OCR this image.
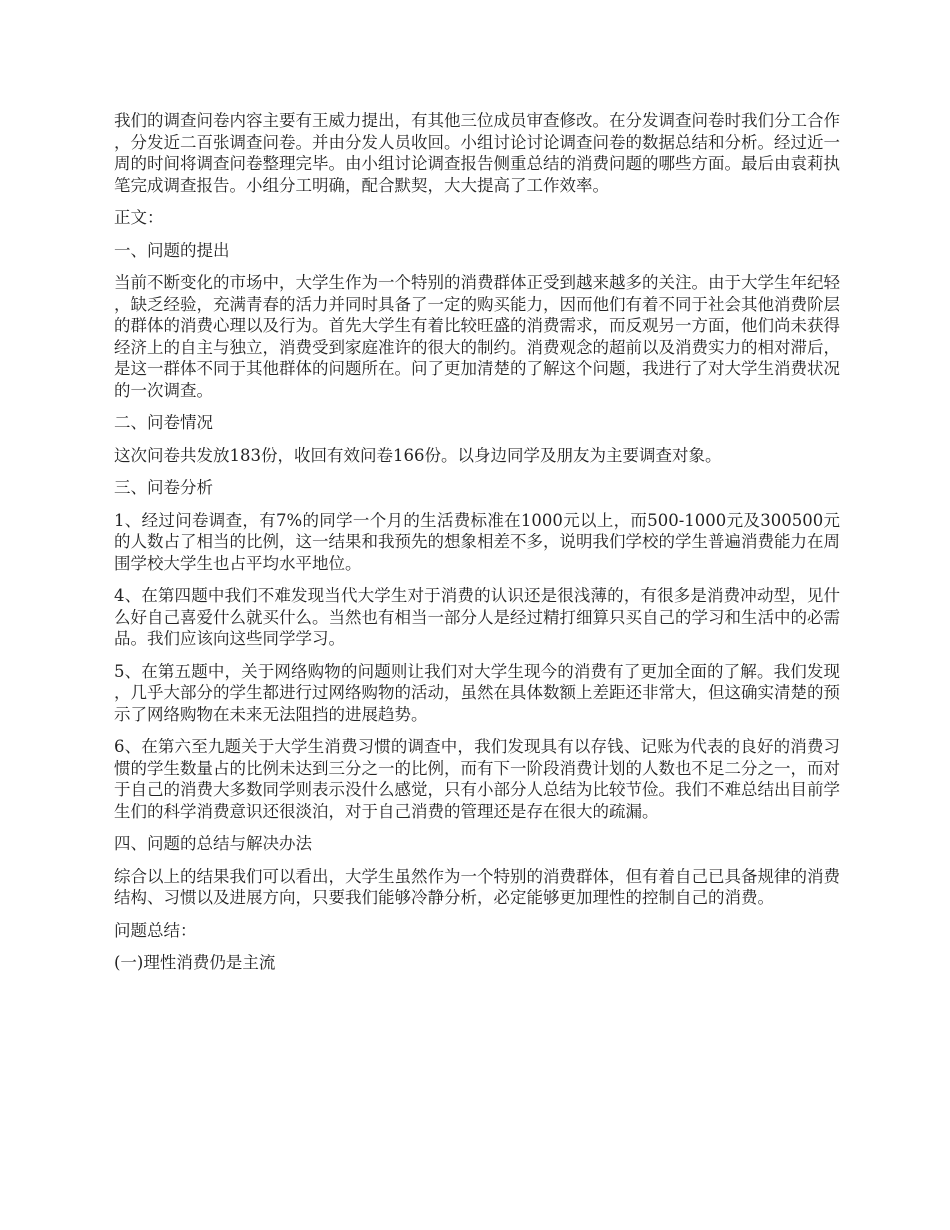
我们的调查问卷内容主要有王威力提出，有其他三位成员审查修改。在分发调查问卷时我们分工合作，分发近二百张调查问卷。并由分发人员收回。小组讨论讨论调查问卷的数据总结和分析。经过近一周的时间将调查问卷整理完毕。由小组讨论调查报告侧重总结的消费问题的哪些方面。最后由袁莉执笔完成调查报告。小组分工明确，配合默契，大大提高了工作效率。

正文：

一、问题的提出

当前不断变化的市场中，大学生作为一个特别的消费群体正受到越来越多的关注。由于大学生年纪轻，缺乏经验，充满青春的活力并同时具备了一定的购买能力，因而他们有着不同于社会其他消费阶层的群体的消费心理以及行为。首先大学生有着比较旺盛的消费需求，而反观另一方面，他们尚未获得经济上的自主与独立，消费受到家庭准许的很大的制约。消费观念的超前以及消费实力的相对滞后，是这一群体不同于其他群体的问题所在。问了更加清楚的了解这个问题，我进行了对大学生消费状况的一次调查。

二、问卷情况

这次问卷共发放183份，收回有效问卷166份。以身边同学及朋友为主要调查对象。

三、问卷分析

1、经过问卷调查，有7%的同学一个月的生活费标准在1000元以上，而500-1000元及300500元的人数占了相当的比例，这一结果和我预先的想象相差不多，说明我们学校的学生普遍消费能力在周围学校大学生也占平均水平地位。

4、在第四题中我们不难发现当代大学生对于消费的认识还是很浅薄的，有很多是消费冲动型，见什么好自己喜爱什么就买什么。当然也有相当一部分人是经过精打细算只买自己的学习和生活中的必需品。我们应该向这些同学学习。

5、在第五题中，关于网络购物的问题则让我们对大学生现今的消费有了更加全面的了解。我们发现，几乎大部分的学生都进行过网络购物的活动，虽然在具体数额上差距还非常大，但这确实清楚的预示了网络购物在未来无法阻挡的进展趋势。

6、在第六至九题关于大学生消费习惯的调查中，我们发现具有以存钱、记账为代表的良好的消费习惯的学生数量占的比例未达到三分之一的比例，而有下一阶段消费计划的人数也不足二分之一，而对于自己的消费大多数同学则表示没什么感觉，只有小部分人总结为比较节俭。我们不难总结出目前学生们的科学消费意识还很淡泊，对于自己消费的管理还是存在很大的疏漏。

四、问题的总结与解决办法

综合以上的结果我们可以看出，大学生虽然作为一个特别的消费群体，但有着自己已具备规律的消费结构、习惯以及进展方向，只要我们能够冷静分析，必定能够更加理性的控制自己的消费。

问题总结：

(一)理性消费仍是主流
